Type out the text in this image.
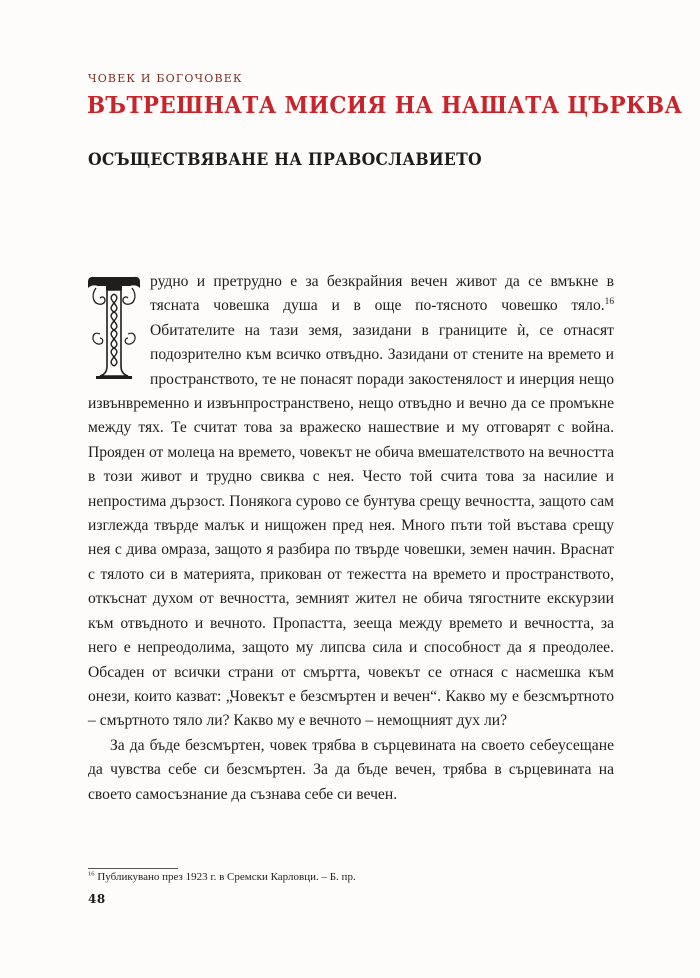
ЧОВЕК И БОГОЧОВЕК
ВЪТРЕШНАТА МИСИЯ НА НАШАТА ЦЪРКВА
ОСЪЩЕСТВЯВАНЕ НА ПРАВОСЛАВИЕТО

рудно и претрудно е за безкрайния вечен живот да се вмъкне в тясната човешка душа и в още по-тясното човешко тяло.$^{16}$ Обитателите на тази земя, зазидани в границите ѝ, се отнасят подозрително към всичко отвъдно. Зазидани от стените на времето и пространството, те не понасят поради закостенялост и инерция нещо извънвременно и извънпространствено, нещо отвъдно и вечно да се промъкне между тях. Те считат това за вражеско нашествие и му отговарят с война. Прояден от молеца на времето, човекът не обича вмешателството на вечността в този живот и трудно свиква с нея. Често той счита това за насилие и непростима дързост. Понякога сурово се бунтува срещу вечността, защото сам изглежда твърде малък и нищожен пред нея. Много пъти той въстава срещу нея с дива омраза, защото я разбира по твърде човешки, земен начин. Враснат с тялото си в материята, прикован от тежестта на времето и пространството, откъснат духом от вечността, земният жител не обича тягостните екскурзии към отвъдното и вечното. Пропастта, зееща между времето и вечността, за него е непреодолима, защото му липсва сила и способност да я преодолее. Обсаден от всички страни от смъртта, човекът се отнася с насмешка към онези, които казват: „Човекът е безсмъртен и вечен“. Какво му е безсмъртното – смъртното тяло ли? Какво му е вечното – немощният дух ли?

За да бъде безсмъртен, човек трябва в сърцевината на своето себеусещане да чувства себе си безсмъртен. За да бъде вечен, трябва в сърцевината на своето самосъзнание да съзнава себе си вечен.

$^{16}$ Публикувано през 1923 г. в Сремски Карловци. – Б. пр.
48
